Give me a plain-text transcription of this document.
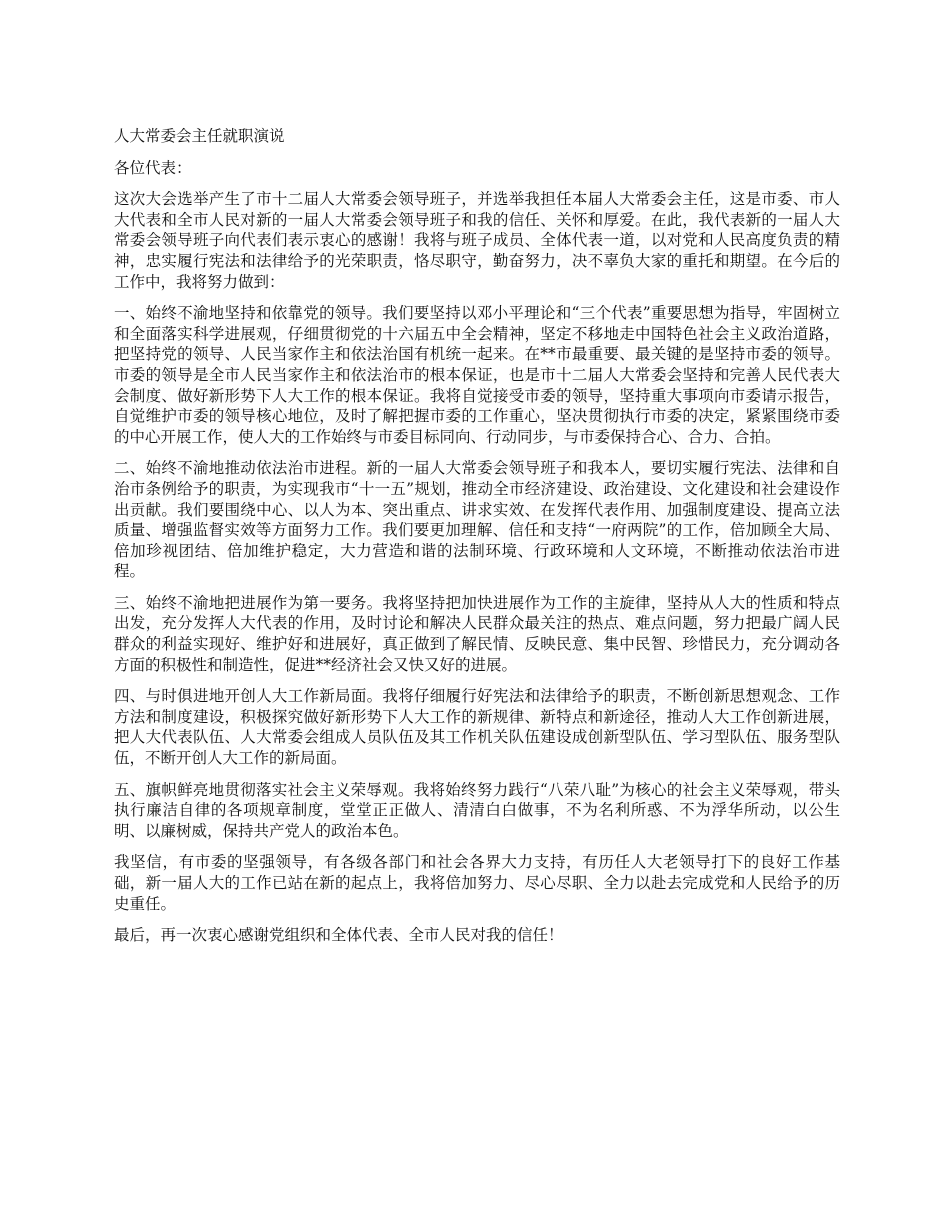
人大常委会主任就职演说
各位代表：
这次大会选举产生了市十二届人大常委会领导班子，并选举我担任本届人大常委会主任，这是市委、市人大代表和全市人民对新的一届人大常委会领导班子和我的信任、关怀和厚爱。在此，我代表新的一届人大常委会领导班子向代表们表示衷心的感谢！我将与班子成员、全体代表一道，以对党和人民高度负责的精神，忠实履行宪法和法律给予的光荣职责，恪尽职守，勤奋努力，决不辜负大家的重托和期望。在今后的工作中，我将努力做到：
一、始终不渝地坚持和依靠党的领导。我们要坚持以邓小平理论和“三个代表”重要思想为指导，牢固树立和全面落实科学进展观，仔细贯彻党的十六届五中全会精神，坚定不移地走中国特色社会主义政治道路，把坚持党的领导、人民当家作主和依法治国有机统一起来。在**市最重要、最关键的是坚持市委的领导。市委的领导是全市人民当家作主和依法治市的根本保证，也是市十二届人大常委会坚持和完善人民代表大会制度、做好新形势下人大工作的根本保证。我将自觉接受市委的领导，坚持重大事项向市委请示报告，自觉维护市委的领导核心地位，及时了解把握市委的工作重心，坚决贯彻执行市委的决定，紧紧围绕市委的中心开展工作，使人大的工作始终与市委目标同向、行动同步，与市委保持合心、合力、合拍。
二、始终不渝地推动依法治市进程。新的一届人大常委会领导班子和我本人，要切实履行宪法、法律和自治市条例给予的职责，为实现我市“十一五”规划，推动全市经济建设、政治建设、文化建设和社会建设作出贡献。我们要围绕中心、以人为本、突出重点、讲求实效、在发挥代表作用、加强制度建设、提高立法质量、增强监督实效等方面努力工作。我们要更加理解、信任和支持“一府两院”的工作，倍加顾全大局、倍加珍视团结、倍加维护稳定，大力营造和谐的法制环境、行政环境和人文环境，不断推动依法治市进程。
三、始终不渝地把进展作为第一要务。我将坚持把加快进展作为工作的主旋律，坚持从人大的性质和特点出发，充分发挥人大代表的作用，及时讨论和解决人民群众最关注的热点、难点问题，努力把最广阔人民群众的利益实现好、维护好和进展好，真正做到了解民情、反映民意、集中民智、珍惜民力，充分调动各方面的积极性和制造性，促进**经济社会又快又好的进展。
四、与时俱进地开创人大工作新局面。我将仔细履行好宪法和法律给予的职责，不断创新思想观念、工作方法和制度建设，积极探究做好新形势下人大工作的新规律、新特点和新途径，推动人大工作创新进展，把人大代表队伍、人大常委会组成人员队伍及其工作机关队伍建设成创新型队伍、学习型队伍、服务型队伍，不断开创人大工作的新局面。
五、旗帜鲜亮地贯彻落实社会主义荣辱观。我将始终努力践行“八荣八耻”为核心的社会主义荣辱观，带头执行廉洁自律的各项规章制度，堂堂正正做人、清清白白做事，不为名利所惑、不为浮华所动，以公生明、以廉树威，保持共产党人的政治本色。
我坚信，有市委的坚强领导，有各级各部门和社会各界大力支持，有历任人大老领导打下的良好工作基础，新一届人大的工作已站在新的起点上，我将倍加努力、尽心尽职、全力以赴去完成党和人民给予的历史重任。
最后，再一次衷心感谢党组织和全体代表、全市人民对我的信任！
